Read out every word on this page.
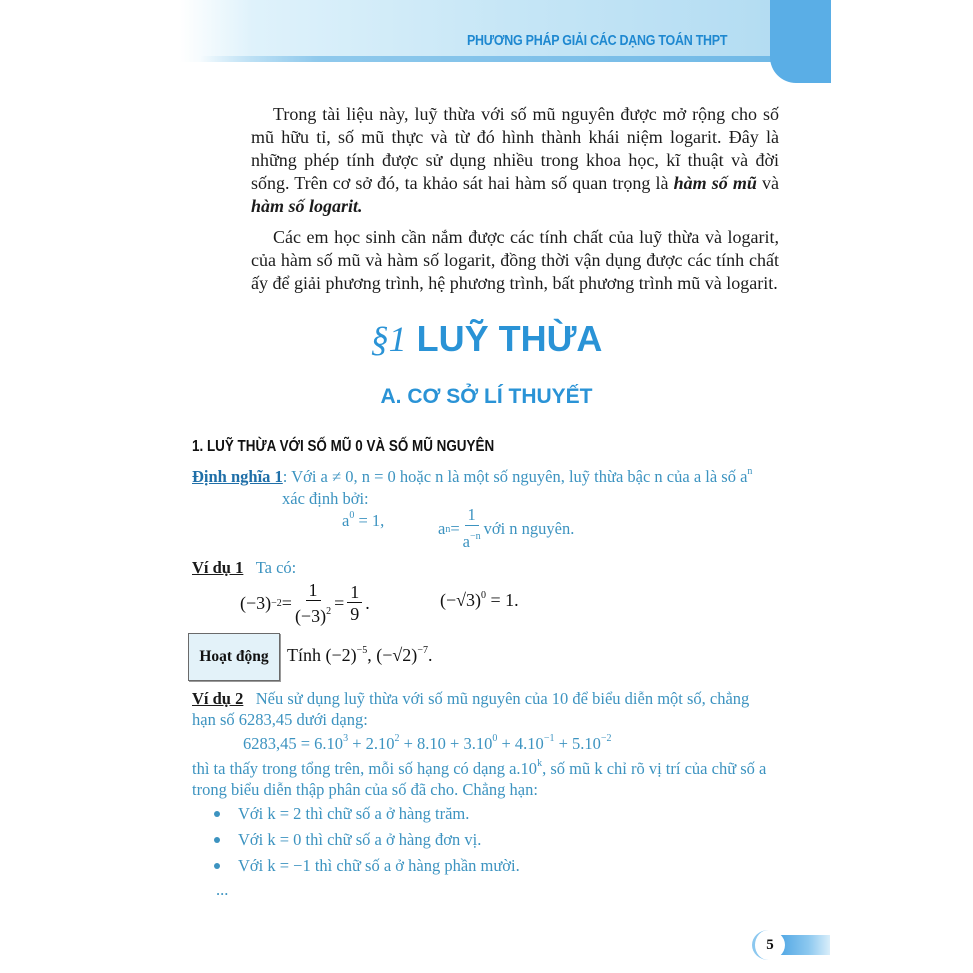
PHƯƠNG PHÁP GIẢI CÁC DẠNG TOÁN THPT

Trong tài liệu này, luỹ thừa với số mũ nguyên được mở rộng cho số mũ hữu tỉ, số mũ thực và từ đó hình thành khái niệm logarit. Đây là những phép tính được sử dụng nhiều trong khoa học, kĩ thuật và đời sống. Trên cơ sở đó, ta khảo sát hai hàm số quan trọng là hàm số mũ và hàm số logarit.

Các em học sinh cần nắm được các tính chất của luỹ thừa và logarit, của hàm số mũ và hàm số logarit, đồng thời vận dụng được các tính chất ấy để giải phương trình, hệ phương trình, bất phương trình mũ và logarit.

§1 LUỸ THỪA
A. CƠ SỞ LÍ THUYẾT
1. LUỸ THỪA VỚI SỐ MŨ 0 VÀ SỐ MŨ NGUYÊN
Định nghĩa 1: Với a ≠ 0, n = 0 hoặc n là một số nguyên, luỹ thừa bậc n của a là số $a^n$
xác định bởi:
$a^0 = 1$,	a $n = \frac{1}{a^{-n}}$ với n nguyên.
Ví dụ 1 Ta có:
$(-3) -2 = \frac{1}{(-3)^2} = \frac{1}{9}$ .	$(-√3)^0 = 1$.
Hoạt động	Tính $(-2)^{-5}$, $(-√2)^{-7}$.
Ví dụ 2 Nếu sử dụng luỹ thừa với số mũ nguyên của 10 để biểu diễn một số, chẳng
hạn số 6283,45 dưới dạng:
$6283,45 = 6.10^3 + 2.10^2 + 8.10 + 3.10^0 + 4.10^{-1} + 5.10^{-2}$
thì ta thấy trong tổng trên, mỗi số hạng có dạng a.10$^k$, số mũ k chỉ rõ vị trí của chữ số a
trong biểu diễn thập phân của số đã cho. Chẳng hạn:
Với k = 2 thì chữ số a ở hàng trăm.
Với k = 0 thì chữ số a ở hàng đơn vị.
Với k = −1 thì chữ số a ở hàng phần mười.
...
5
